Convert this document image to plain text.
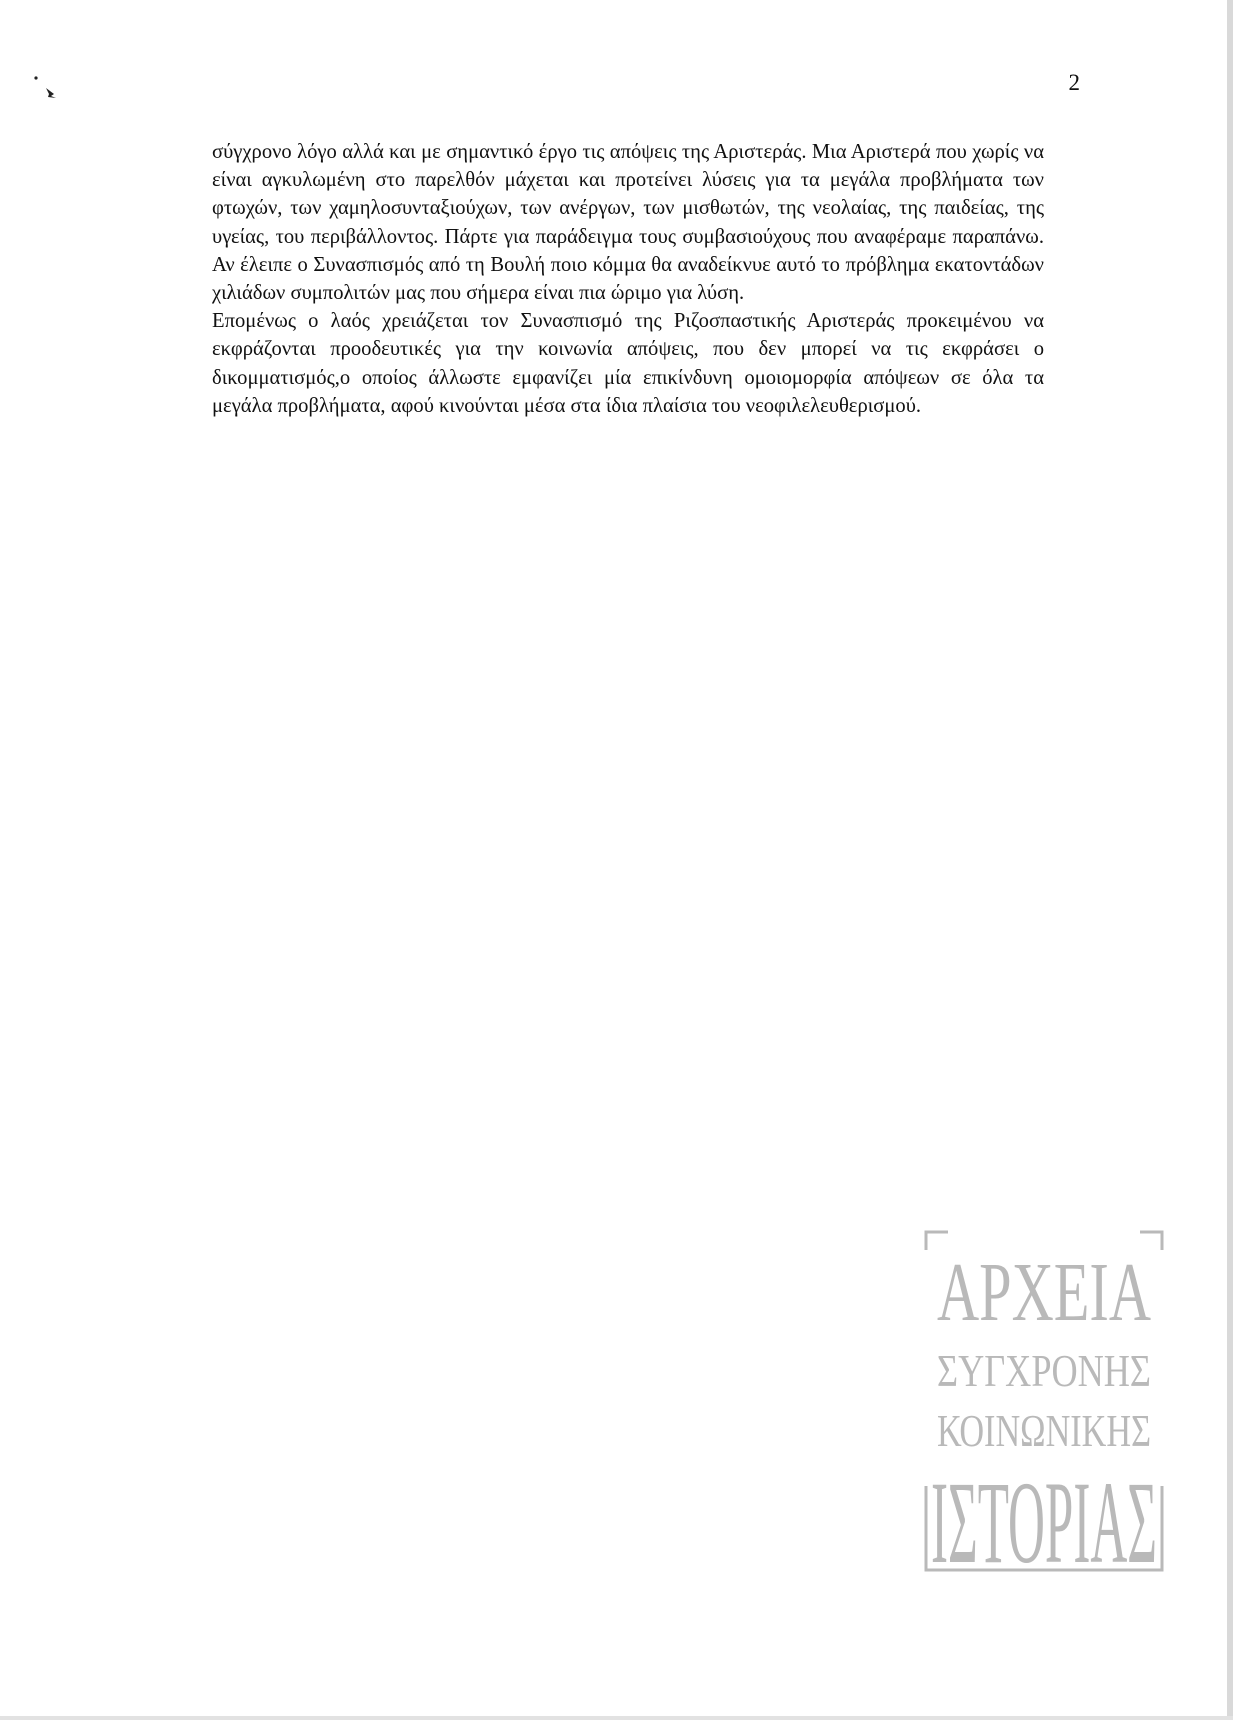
2

σύγχρονο λόγο αλλά και με σημαντικό έργο τις απόψεις της Αριστεράς. Μια Αριστερά που χωρίς να είναι αγκυλωμένη στο παρελθόν μάχεται και προτείνει λύσεις για τα μεγάλα προβλήματα των φτωχών, των χαμηλοσυνταξιούχων, των ανέργων, των μισθωτών, της νεολαίας, της παιδείας, της υγείας, του περιβάλλοντος. Πάρτε για παράδειγμα τους συμβασιούχους που αναφέραμε παραπάνω. Αν έλειπε ο Συνασπισμός από τη Βουλή ποιο κόμμα θα αναδείκνυε αυτό το πρόβλημα εκατοντάδων χιλιάδων συμπολιτών μας που σήμερα είναι πια ώριμο για λύση.

Επομένως ο λαός χρειάζεται τον Συνασπισμό της Ριζοσπαστικής Αριστεράς προκειμένου να εκφράζονται προοδευτικές για την κοινωνία απόψεις, που δεν μπορεί να τις εκφράσει ο δικομματισμός,ο οποίος άλλωστε εμφανίζει μία επικίνδυνη ομοιομορφία απόψεων σε όλα τα μεγάλα προβλήματα, αφού κινούνται μέσα στα ίδια πλαίσια του νεοφιλελευθερισμού.

ΑΡΧΕΙΑ
ΣΥΓΧΡΟΝΗΣ
ΚΟΙΝΩΝΙΚΗΣ
ΙΣΤΟΡΙΑΣ
